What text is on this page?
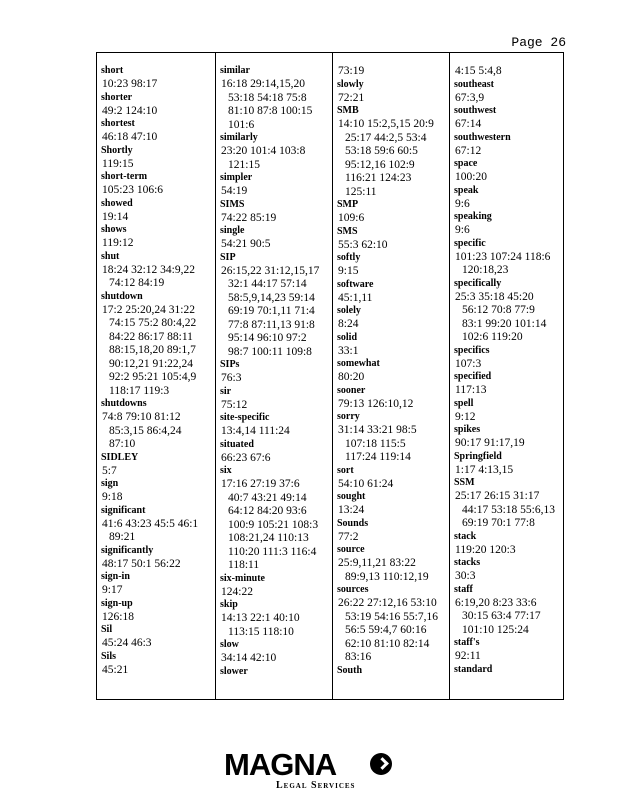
Page 26
short
10:23 98:17
shorter
49:2 124:10
shortest
46:18 47:10
Shortly
119:15
short-term
105:23 106:6
showed
19:14
shows
119:12
shut
18:24 32:12 34:9,22
74:12 84:19
shutdown
17:2 25:20,24 31:22
74:15 75:2 80:4,22
84:22 86:17 88:11
88:15,18,20 89:1,7
90:12,21 91:22,24
92:2 95:21 105:4,9
118:17 119:3
shutdowns
74:8 79:10 81:12
85:3,15 86:4,24
87:10
SIDLEY
5:7
sign
9:18
significant
41:6 43:23 45:5 46:1
89:21
significantly
48:17 50:1 56:22
sign-in
9:17
sign-up
126:18
Sil
45:24 46:3
Sils
45:21
similar
16:18 29:14,15,20
53:18 54:18 75:8
81:10 87:8 100:15
101:6
similarly
23:20 101:4 103:8
121:15
simpler
54:19
SIMS
74:22 85:19
single
54:21 90:5
SIP
26:15,22 31:12,15,17
32:1 44:17 57:14
58:5,9,14,23 59:14
69:19 70:1,11 71:4
77:8 87:11,13 91:8
95:14 96:10 97:2
98:7 100:11 109:8
SIPs
76:3
sir
75:12
site-specific
13:4,14 111:24
situated
66:23 67:6
six
17:16 27:19 37:6
40:7 43:21 49:14
64:12 84:20 93:6
100:9 105:21 108:3
108:21,24 110:13
110:20 111:3 116:4
118:11
six-minute
124:22
skip
14:13 22:1 40:10
113:15 118:10
slow
34:14 42:10
slower
73:19
slowly
72:21
SMB
14:10 15:2,5,15 20:9
25:17 44:2,5 53:4
53:18 59:6 60:5
95:12,16 102:9
116:21 124:23
125:11
SMP
109:6
SMS
55:3 62:10
softly
9:15
software
45:1,11
solely
8:24
solid
33:1
somewhat
80:20
sooner
79:13 126:10,12
sorry
31:14 33:21 98:5
107:18 115:5
117:24 119:14
sort
54:10 61:24
sought
13:24
Sounds
77:2
source
25:9,11,21 83:22
89:9,13 110:12,19
sources
26:22 27:12,16 53:10
53:19 54:16 55:7,16
56:5 59:4,7 60:16
62:10 81:10 82:14
83:16
South
4:15 5:4,8
southeast
67:3,9
southwest
67:14
southwestern
67:12
space
100:20
speak
9:6
speaking
9:6
specific
101:23 107:24 118:6
120:18,23
specifically
25:3 35:18 45:20
56:12 70:8 77:9
83:1 99:20 101:14
102:6 119:20
specifics
107:3
specified
117:13
spell
9:12
spikes
90:17 91:17,19
Springfield
1:17 4:13,15
SSM
25:17 26:15 31:17
44:17 53:18 55:6,13
69:19 70:1 77:8
stack
119:20 120:3
stacks
30:3
staff
6:19,20 8:23 33:6
30:15 63:4 77:17
101:10 125:24
staff's
92:11
standard
MAGNA
Legal Services
